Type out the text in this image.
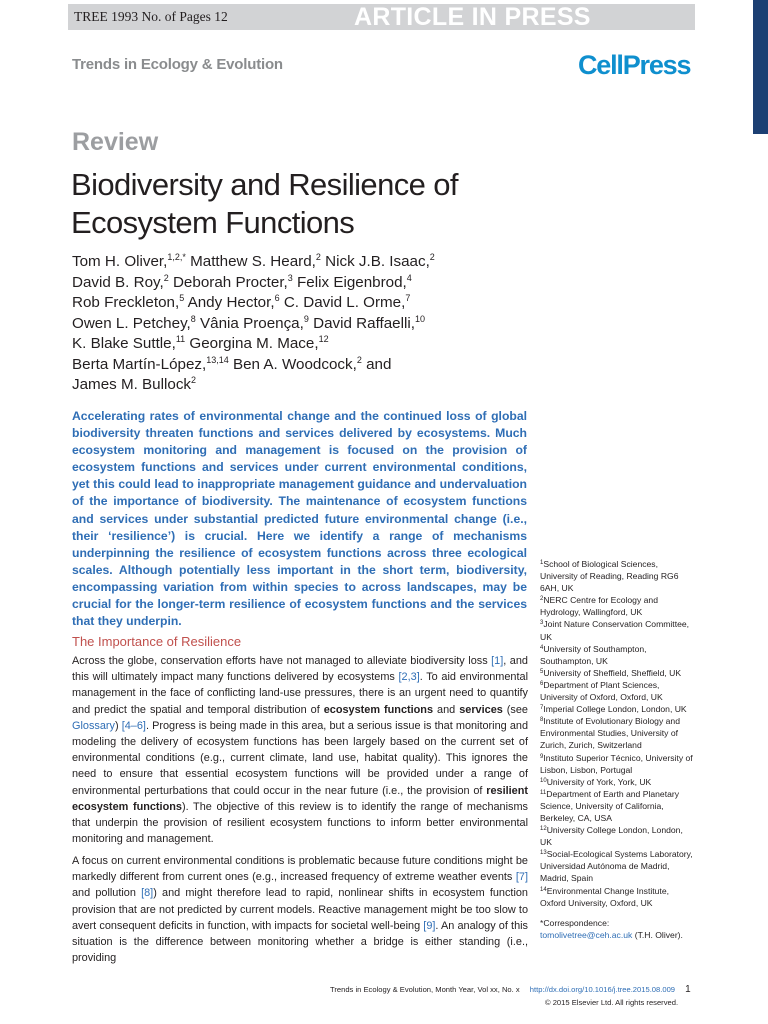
TREE 1993 No. of Pages 12	ARTICLE IN PRESS
Trends in Ecology & Evolution	CellPress
Review
Biodiversity and Resilience of
Ecosystem Functions
Tom H. Oliver,$^{1,2,*}$ Matthew S. Heard,$^2$ Nick J.B. Isaac,$^2$
David B. Roy,$^2$ Deborah Procter,$^3$ Felix Eigenbrod,$^4$
Rob Freckleton,$^5$ Andy Hector,$^6$ C. David L. Orme,$^7$
Owen L. Petchey,$^8$ Vânia Proença,$^9$ David Raffaelli,$^{10}$
K. Blake Suttle,$^{11}$ Georgina M. Mace,$^{12}$
Berta Martín-López,$^{13,14}$ Ben A. Woodcock,$^2$ and
James M. Bullock$^2$
Accelerating rates of environmental change and the continued loss of global biodiversity threaten functions and services delivered by ecosystems. Much ecosystem monitoring and management is focused on the provision of ecosystem functions and services under current environmental conditions, yet this could lead to inappropriate management guidance and undervaluation of the importance of biodiversity. The maintenance of ecosystem functions and services under substantial predicted future environmental change (i.e., their ‘resilience’) is crucial. Here we identify a range of mechanisms underpinning the resilience of ecosystem functions across three ecological scales. Although potentially less important in the short term, biodiversity, encompassing variation from within species to across landscapes, may be crucial for the longer-term resilience of ecosystem functions and the services that they underpin.
$^1$School of Biological Sciences, University of Reading, Reading RG6 6AH, UK
$^2$NERC Centre for Ecology and Hydrology, Wallingford, UK
$^3$Joint Nature Conservation Committee, UK
$^4$University of Southampton, Southampton, UK
$^5$University of Sheffield, Sheffield, UK
$^6$Department of Plant Sciences, University of Oxford, Oxford, UK
$^7$Imperial College London, London, UK
$^8$Institute of Evolutionary Biology and Environmental Studies, University of Zurich, Zurich, Switzerland
$^9$Instituto Superior Técnico, University of Lisbon, Lisbon, Portugal
$^{10}$University of York, York, UK
$^{11}$Department of Earth and Planetary Science, University of California, Berkeley, CA, USA
$^{12}$University College London, London, UK
$^{13}$Social-Ecological Systems Laboratory, Universidad Autónoma de Madrid, Madrid, Spain
$^{14}$Environmental Change Institute, Oxford University, Oxford, UK
*Correspondence:
tomolivetree@ceh.ac.uk (T.H. Oliver).
The Importance of Resilience
Across the globe, conservation efforts have not managed to alleviate biodiversity loss [1], and this will ultimately impact many functions delivered by ecosystems [2,3]. To aid environmental management in the face of conflicting land-use pressures, there is an urgent need to quantify and predict the spatial and temporal distribution of ecosystem functions and services (see Glossary) [4–6]. Progress is being made in this area, but a serious issue is that monitoring and modeling the delivery of ecosystem functions has been largely based on the current set of environmental conditions (e.g., current climate, land use, habitat quality). This ignores the need to ensure that essential ecosystem functions will be provided under a range of environmental perturbations that could occur in the near future (i.e., the provision of resilient ecosystem functions). The objective of this review is to identify the range of mechanisms that underpin the provision of resilient ecosystem functions to inform better environmental monitoring and management.
A focus on current environmental conditions is problematic because future conditions might be markedly different from current ones (e.g., increased frequency of extreme weather events [7] and pollution [8]) and might therefore lead to rapid, nonlinear shifts in ecosystem function provision that are not predicted by current models. Reactive management might be too slow to avert consequent deficits in function, with impacts for societal well-being [9]. An analogy of this situation is the difference between monitoring whether a bridge is either standing (i.e., providing
Trends in Ecology & Evolution, Month Year, Vol xx, No. x http://dx.doi.org/10.1016/j.tree.2015.08.009 1
© 2015 Elsevier Ltd. All rights reserved.
